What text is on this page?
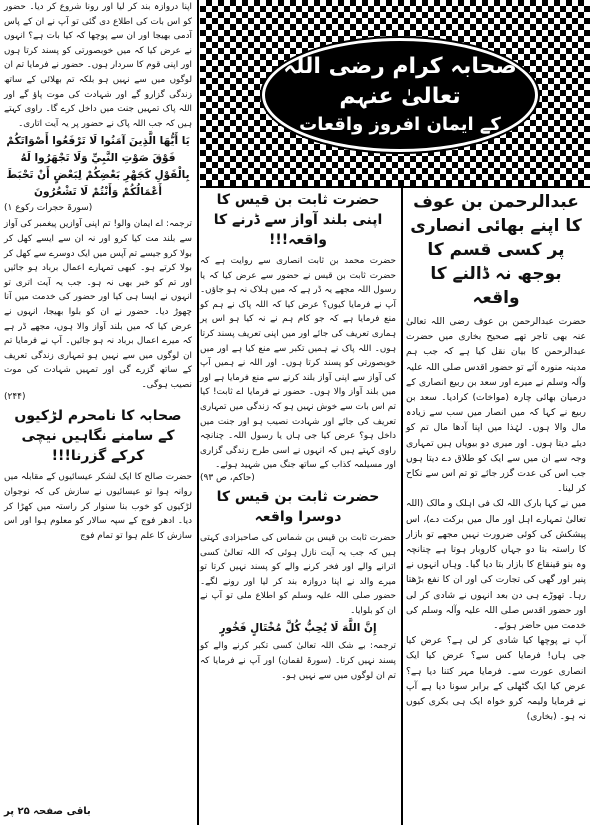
صحابہ کرام رضی اللہ تعالیٰ عنہم
کے ایمان افروز واقعات
عبدالرحمن بن عوف کا اپنے بھائی انصاری پر کسی قسم کا بوجھ نہ ڈالنے کا واقعہ

حضرت عبدالرحمن بن عوف رضی اللہ تعالیٰ عنہ بھی تاجر تھے صحیح بخاری میں حضرت عبدالرحمن کا بیان نقل کیا ہے کہ جب ہم مدینہ منورہ آئے تو حضور اقدس صلی اللہ علیہ وآلہ وسلم نے میرے اور سعد بن ربیع انصاری کے درمیان بھائی چارہ (مواخات) کرادیا۔ سعد بن ربیع نے کہا کہ میں انصار میں سب سے زیادہ مال والا ہوں۔ لہٰذا میں اپنا آدھا مال تم کو دیئے دیتا ہوں۔ اور میری دو بیویاں ہیں تمہاری وجہ سے ان میں سے ایک کو طلاق دے دیتا ہوں جب اس کی عدت گزر جائے تو تم اس سے نکاح کر لینا۔

میں نے کہا بارک اللہ لک فی اہلک و مالک (اللہ تعالیٰ تمہارے اہل اور مال میں برکت دے)، اس پیشکش کی کوئی ضرورت نہیں مجھے تو بازار کا راستہ بتا دو جہاں کاروبار ہوتا ہے چنانچہ وہ بنو قینقاع کا بازار بتا دیا گیا۔ وہاں انہوں نے پنیر اور گھی کی تجارت کی اور ان کا نفع بڑھتا رہا۔ تھوڑے ہی دن بعد انہوں نے شادی کر لی اور حضور اقدس صلی اللہ علیہ وآلہ وسلم کی خدمت میں حاضر ہوئے۔

آپ نے پوچھا کیا شادی کر لی ہے؟ عرض کیا جی ہاں! فرمایا کس سے؟ عرض کیا ایک انصاری عورت سے۔ فرمایا مہر کتنا دیا ہے؟ عرض کیا ایک گٹھلی کے برابر سونا دیا ہے آپ نے فرمایا ولیمہ کرو خواہ ایک ہی بکری کیوں نہ ہو۔ (بخاری)

حضرت ثابت بن قیس کا اپنی بلند آواز سے ڈرنے کا واقعہ!!!

حضرت محمد بن ثابت انصاری سے روایت ہے کہ حضرت ثابت بن قیس نے حضور سے عرض کیا کہ یا رسول اللہ مجھے یہ ڈر ہے کہ میں ہلاک نہ ہو جاؤں۔ آپ نے فرمایا کیوں؟ عرض کیا کہ اللہ پاک نے ہم کو منع فرمایا ہے کہ جو کام ہم نے نہ کیا ہو اس پر ہماری تعریف کی جائے اور میں اپنی تعریف پسند کرتا ہوں۔ اللہ پاک نے ہمیں تکبر سے منع کیا ہے اور میں خوبصورتی کو پسند کرتا ہوں۔ اور اللہ نے ہمیں آپ کی آواز سے اپنی آواز بلند کرنے سے منع فرمایا ہے اور میں بلند آواز والا ہوں۔ حضور نے فرمایا اے ثابت! کیا تم اس بات سے خوش نہیں ہو کہ زندگی میں تمہاری تعریف کی جائے اور شہادت نصیب ہو اور جنت میں داخل ہو؟ عرض کیا جی ہاں یا رسول اللہ۔ چنانچہ راوی کہتے ہیں کہ انہوں نے اسی طرح زندگی گزاری اور مسیلمہ کذاب کے ساتھ جنگ میں شہید ہوئے۔

(حاکم، ص ۹۳)

حضرت ثابت بن قیس کا دوسرا واقعہ

حضرت ثابت بن قیس بن شماس کی صاحبزادی کہتی ہیں کہ جب یہ آیت نازل ہوئی کہ اللہ تعالیٰ کسی اترانے والے اور فخر کرنے والے کو پسند نہیں کرتا تو میرے والد نے اپنا دروازہ بند کر لیا اور رونے لگے۔ حضور صلی اللہ علیہ وسلم کو اطلاع ملی تو آپ نے ان کو بلوایا۔

إِنَّ اللَّهَ لَا يُحِبُّ كُلَّ مُخْتَالٍ فَخُورٍ

ترجمہ: بے شک اللہ تعالیٰ کسی تکبر کرنے والے کو پسند نہیں کرتا۔ (سورۃ لقمان) اور آپ نے فرمایا کہ تم ان لوگوں میں سے نہیں ہو۔

اپنا دروازہ بند کر لیا اور رونا شروع کر دیا۔ حضور کو اس بات کی اطلاع دی گئی تو آپ نے ان کے پاس آدمی بھیجا اور ان سے پوچھا کہ کیا بات ہے؟ انہوں نے عرض کیا کہ میں خوبصورتی کو پسند کرتا ہوں اور اپنی قوم کا سردار ہوں۔ حضور نے فرمایا تم ان لوگوں میں سے نہیں ہو بلکہ تم بھلائی کے ساتھ زندگی گزارو گے اور شہادت کی موت پاؤ گے اور اللہ پاک تمہیں جنت میں داخل کرے گا۔ راوی کہتے ہیں کہ جب اللہ پاک نے حضور پر یہ آیت اتاری۔

يَا أَيُّهَا الَّذِينَ آمَنُوا لَا تَرْفَعُوا أَصْوَاتَكُمْ فَوْقَ صَوْتِ النَّبِيِّ وَلَا تَجْهَرُوا لَهُ بِالْقَوْلِ كَجَهْرِ بَعْضِكُمْ لِبَعْضٍ أَنْ تَحْبَطَ أَعْمَالُكُمْ وَأَنْتُمْ لَا تَشْعُرُونَ

(سورۃ حجرات رکوع ۱)

ترجمہ: اے ایمان والو! تم اپنی آوازیں پیغمبر کی آواز سے بلند مت کیا کرو اور نہ ان سے ایسے کھل کر بولا کرو جیسے تم آپس میں ایک دوسرے سے کھل کر بولا کرتے ہو۔ کبھی تمہارے اعمال برباد ہو جائیں اور تم کو خبر بھی نہ ہو۔ جب یہ آیت اتری تو انہوں نے ایسا ہی کیا اور حضور کی خدمت میں آنا چھوڑ دیا۔ حضور نے ان کو بلوا بھیجا، انہوں نے عرض کیا کہ میں بلند آواز والا ہوں، مجھے ڈر ہے کہ میرے اعمال برباد نہ ہو جائیں۔ آپ نے فرمایا تم ان لوگوں میں سے نہیں ہو تمہاری زندگی تعریف کے ساتھ گزرے گی اور تمہیں شہادت کی موت نصیب ہوگی۔

(۲۴۴)

صحابہ کا نامحرم لڑکیوں کے سامنے نگاہیں نیچی کرکے گزرنا!!!

حضرت صالح کا ایک لشکر عیسائیوں کے مقابلہ میں روانہ ہوا تو عیسائیوں نے سازش کی کہ نوجوان لڑکیوں کو خوب بنا سنوار کر راستہ میں کھڑا کر دیا۔ ادھر فوج کے سپہ سالار کو معلوم ہوا اور اس سازش کا علم ہوا تو تمام فوج

باقی صفحہ ۲۵ پر
